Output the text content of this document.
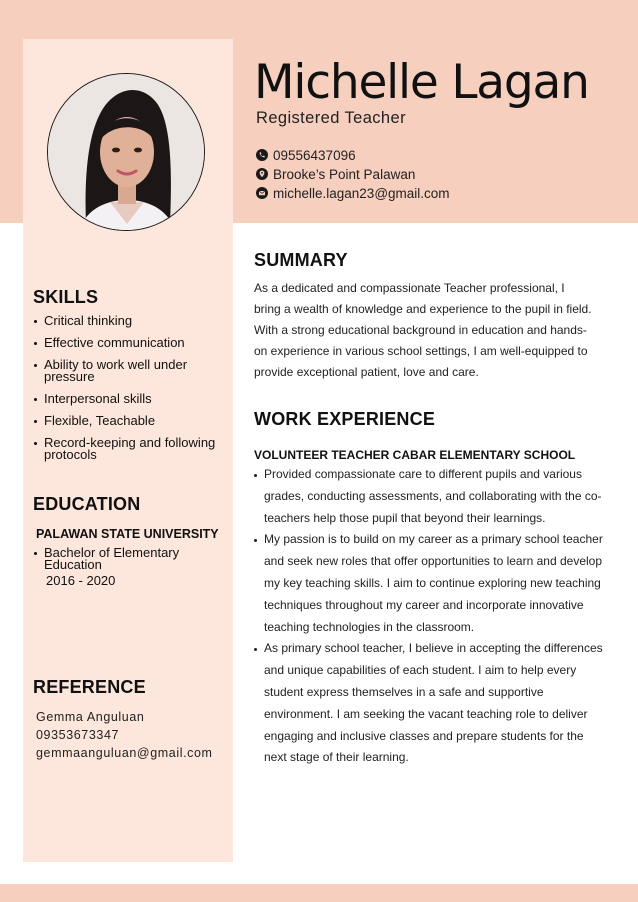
Michelle Lagan
Registered Teacher
09556437096
Brooke’s Point Palawan
michelle.lagan23@gmail.com
SKILLS
Critical thinking
Effective communication
Ability to work well under pressure
Interpersonal skills
Flexible, Teachable
Record-keeping and following protocols
EDUCATION
PALAWAN STATE UNIVERSITY
Bachelor of Elementary Education
2016 - 2020
REFERENCE
Gemma Anguluan
09353673347
gemmaanguluan@gmail.com
SUMMARY
As a dedicated and compassionate Teacher professional, I bring a wealth of knowledge and experience to the pupil in field. With a strong educational background in education and hands-on experience in various school settings, I am well-equipped to provide exceptional patient, love and care.
WORK EXPERIENCE
VOLUNTEER TEACHER CABAR ELEMENTARY SCHOOL
Provided compassionate care to different pupils and various grades, conducting assessments, and collaborating with the co-teachers help those pupil that beyond their learnings.
My passion is to build on my career as a primary school teacher and seek new roles that offer opportunities to learn and develop my key teaching skills. I aim to continue exploring new teaching techniques throughout my career and incorporate innovative teaching technologies in the classroom.
As primary school teacher, I believe in accepting the differences and unique capabilities of each student. I aim to help every student express themselves in a safe and supportive environment. I am seeking the vacant teaching role to deliver engaging and inclusive classes and prepare students for the next stage of their learning.
